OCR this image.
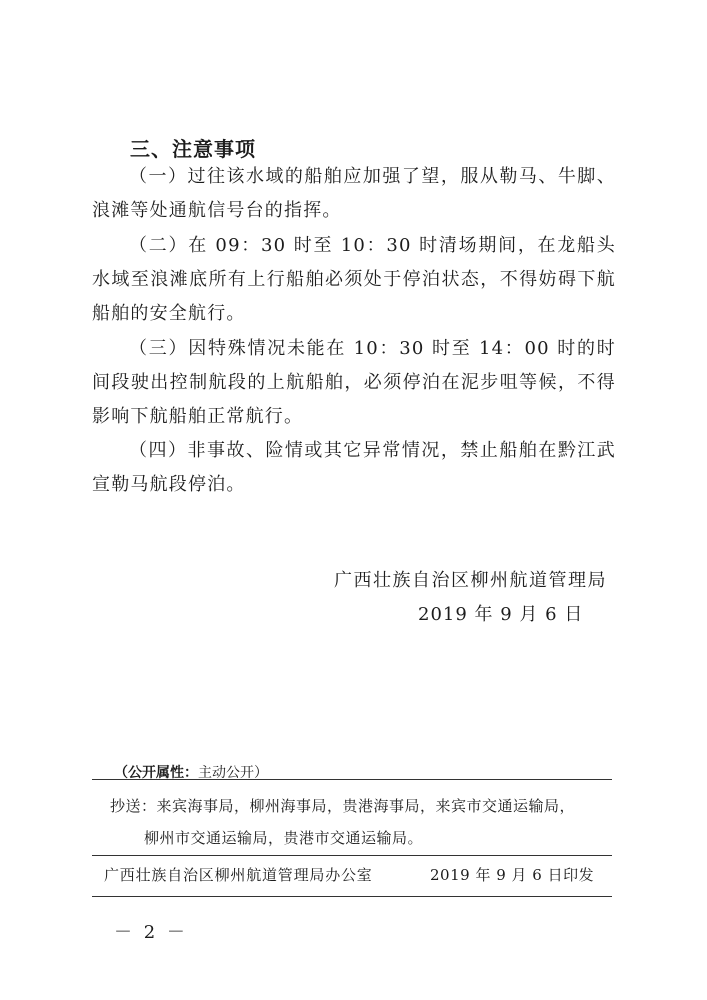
三、注意事项
（一）过往该水域的船舶应加强了望，服从勒马、牛脚、浪滩等处通航信号台的指挥。
（二）在 09：30 时至 10：30 时清场期间，在龙船头水域至浪滩底所有上行船舶必须处于停泊状态，不得妨碍下航船舶的安全航行。
（三）因特殊情况未能在 10：30 时至 14：00 时的时间段驶出控制航段的上航船舶，必须停泊在泥步咀等候，不得影响下航船舶正常航行。
（四）非事故、险情或其它异常情况，禁止船舶在黔江武宣勒马航段停泊。
广西壮族自治区柳州航道管理局
2019 年 9 月 6 日
（公开属性：主动公开）
抄送：来宾海事局，柳州海事局，贵港海事局，来宾市交通运输局，
柳州市交通运输局，贵港市交通运输局。
广西壮族自治区柳州航道管理局办公室	2019 年 9 月 6 日印发
－ 2 －
